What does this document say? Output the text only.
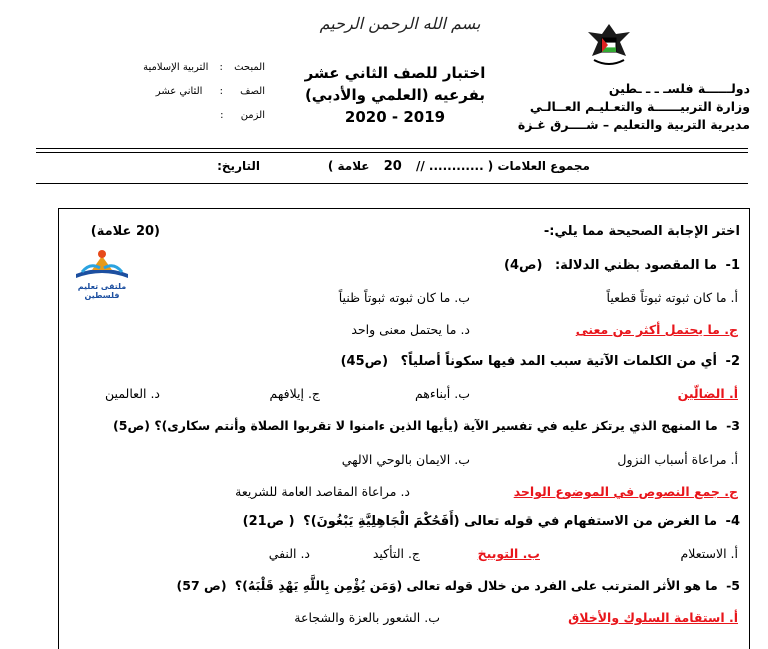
بسم الله الرحمن الرحيم
المبحث : التربية الإسلامية
الصف : الثاني عشر
الزمن :
اختبار للصف الثاني عشر
بفرعيه (العلمي والأدبي)
2019 - 2020
دولــــــة فلسـ ـ ـ ـطين
وزارة التربيــــــة والتعـليـم العــالـي
مديرية التربية والتعليم – شــــرق غـزة
مجموع العلامات ( ............ // 20 علامة )
التاريخ:
اختر الإجابة الصحيحة مما يلي:-
(20 علامة)
ملتقى تعليم فلسطين
1- ما المقصود بظني الدلالة: (ص4)
أ. ما كان ثبوته ثبوتاً قطعياً
ب. ما كان ثبوته ثبوتاً ظنياً
ج. ما يحتمل أكثر من معنى
د. ما يحتمل معنى واحد
2- أي من الكلمات الآتية سبب المد فيها سكوناً أصلياً؟ (ص45)
أ. الضالّين
ب. أبناءهم
ج. إيلافهم
د. العالمين
3- ما المنهج الذي يرتكز عليه في تفسير الآية (يأيها الذين ءامنوا لا تقربوا الصلاة وأنتم سكارى)؟ (ص5)
أ. مراعاة أسباب النزول
ب. الايمان بالوحي الالهي
ج. جمع النصوص في الموضوع الواحد
د. مراعاة المقاصد العامة للشريعة
4- ما الغرض من الاستفهام في قوله تعالى (أَفَحُكْمَ الْجَاهِلِيَّةِ يَبْغُونَ)؟ ( ص21)
أ. الاستعلام
ب. التوبيخ
ج. التأكيد
د. النفي
5- ما هو الأثر المترتب على الفرد من خلال قوله تعالى (وَمَن يُؤْمِن بِاللَّهِ يَهْدِ قَلْبَهُ)؟ (ص 57)
أ. استقامة السلوك والأخلاق
ب. الشعور بالعزة والشجاعة
